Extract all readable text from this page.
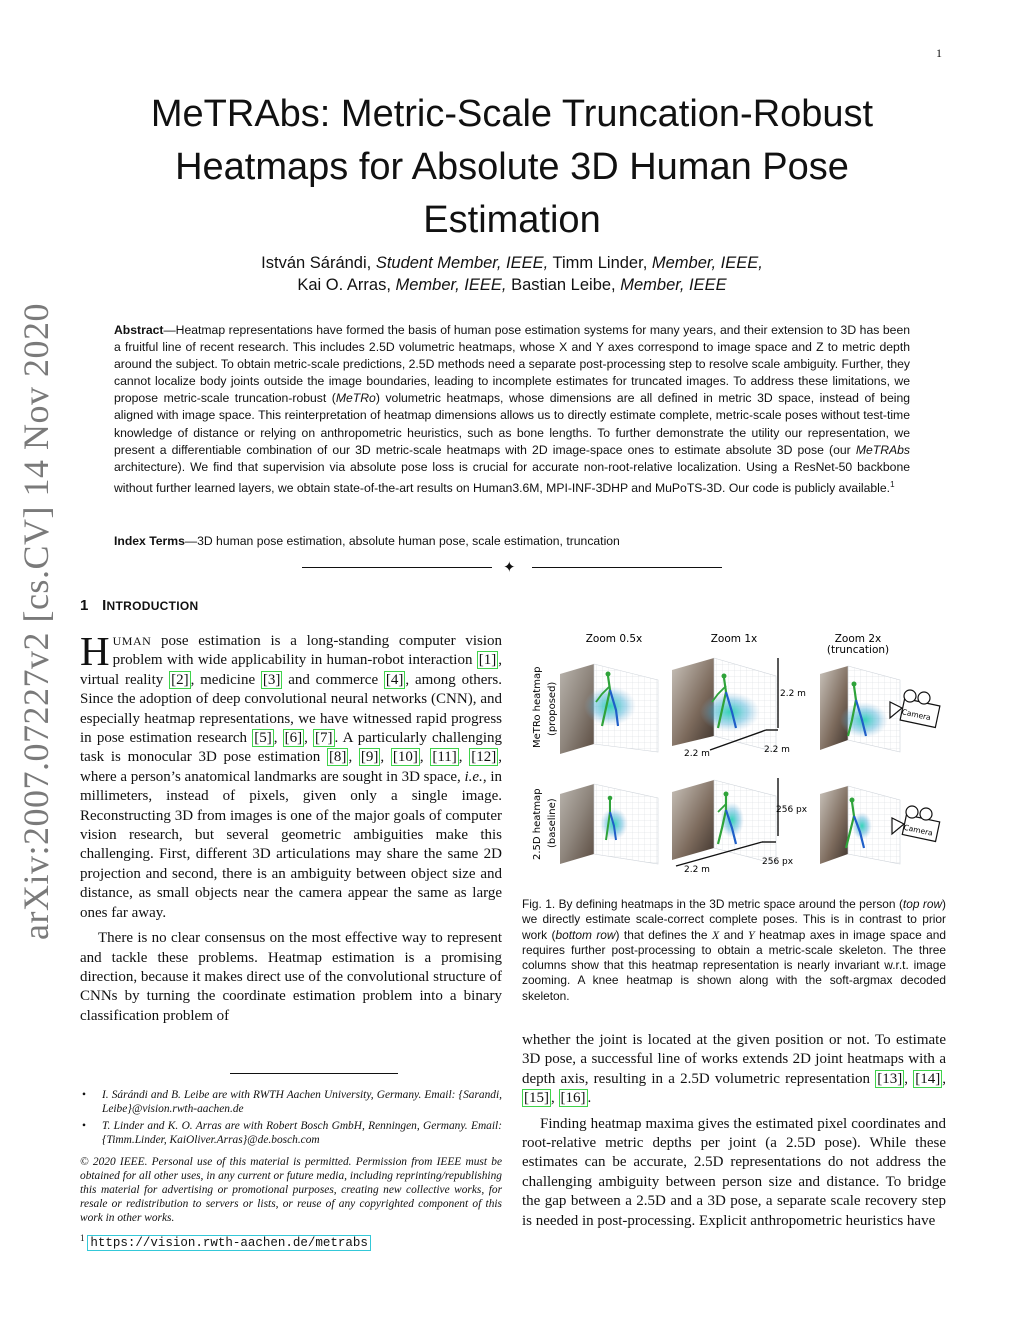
1
arXiv:2007.07227v2 [cs.CV] 14 Nov 2020
MeTRAbs: Metric-Scale Truncation-Robust Heatmaps for Absolute 3D Human Pose Estimation
István Sárándi, Student Member, IEEE, Timm Linder, Member, IEEE,
Kai O. Arras, Member, IEEE, Bastian Leibe, Member, IEEE
Abstract—Heatmap representations have formed the basis of human pose estimation systems for many years, and their extension to 3D has been a fruitful line of recent research. This includes 2.5D volumetric heatmaps, whose X and Y axes correspond to image space and Z to metric depth around the subject. To obtain metric-scale predictions, 2.5D methods need a separate post-processing step to resolve scale ambiguity. Further, they cannot localize body joints outside the image boundaries, leading to incomplete estimates for truncated images. To address these limitations, we propose metric-scale truncation-robust (MeTRo) volumetric heatmaps, whose dimensions are all defined in metric 3D space, instead of being aligned with image space. This reinterpretation of heatmap dimensions allows us to directly estimate complete, metric-scale poses without test-time knowledge of distance or relying on anthropometric heuristics, such as bone lengths. To further demonstrate the utility our representation, we present a differentiable combination of our 3D metric-scale heatmaps with 2D image-space ones to estimate absolute 3D pose (our MeTRAbs architecture). We find that supervision via absolute pose loss is crucial for accurate non-root-relative localization. Using a ResNet-50 backbone without further learned layers, we obtain state-of-the-art results on Human3.6M, MPI-INF-3DHP and MuPoTS-3D. Our code is publicly available.$^1$
Index Terms—3D human pose estimation, absolute human pose, scale estimation, truncation
✦
1 INTRODUCTION

HUMAN pose estimation is a long-standing computer vision problem with wide applicability in human-robot interaction [1] , virtual reality [2] , medicine [3] and commerce [4] , among others. Since the adoption of deep convolutional neural networks (CNN), and especially heatmap representations, we have witnessed rapid progress in pose estimation research [5] , [6] , [7] . A particularly challenging task is monocular 3D pose estimation [8] , [9] , [10] , [11] , [12] , where a person’s anatomical landmarks are sought in 3D space, i.e., in millimeters, instead of pixels, given only a single image. Reconstructing 3D from images is one of the major goals of computer vision research, but several geometric ambiguities make this challenging. First, different 3D articulations may share the same 2D projection and second, there is an ambiguity between object size and distance, as small objects near the camera appear the same as large ones far away.

There is no clear consensus on the most effective way to represent and tackle these problems. Heatmap estimation is a promising direction, because it makes direct use of the convolutional structure of CNNs by turning the coordinate estimation problem into a binary classification problem of

• I. Sárándi and B. Leibe are with RWTH Aachen University, Germany. Email: {Sarandi, Leibe}@vision.rwth-aachen.de
• T. Linder and K. O. Arras are with Robert Bosch GmbH, Renningen, Germany. Email: {Timm.Linder, KaiOliver.Arras}@de.bosch.com
© 2020 IEEE. Personal use of this material is permitted. Permission from IEEE must be obtained for all other uses, in any current or future media, including reprinting/republishing this material for advertising or promotional purposes, creating new collective works, for resale or redistribution to servers or lists, or reuse of any copyrighted component of this work in other works.
$^1$ https://vision.rwth-aachen.de/metrabs
Zoom 0.5x	Zoom 1x	Zoom 2x
(truncation)
MeTRo heatmap (proposed)
2.5D heatmap (baseline)
2.2 m
2.2 m	2.2 m
Camera
256 px
2.2 m
256 px
Camera
Fig. 1. By defining heatmaps in the 3D metric space around the person (top row) we directly estimate scale-correct complete poses. This is in contrast to prior work (bottom row) that defines the X and Y heatmap axes in image space and requires further post-processing to obtain a metric-scale skeleton. The three columns show that this heatmap representation is nearly invariant w.r.t. image zooming. A knee heatmap is shown along with the soft-argmax decoded skeleton.

whether the joint is located at the given position or not. To estimate 3D pose, a successful line of works extends 2D joint heatmaps with a depth axis, resulting in a 2.5D volumetric representation [13] , [14] , [15] , [16] .

Finding heatmap maxima gives the estimated pixel coordinates and root-relative metric depths per joint (a 2.5D pose). While these estimates can be accurate, 2.5D representations do not address the challenging ambiguity between person size and distance. To bridge the gap between a 2.5D and a 3D pose, a separate scale recovery step is needed in post-processing. Explicit anthropometric heuristics have
